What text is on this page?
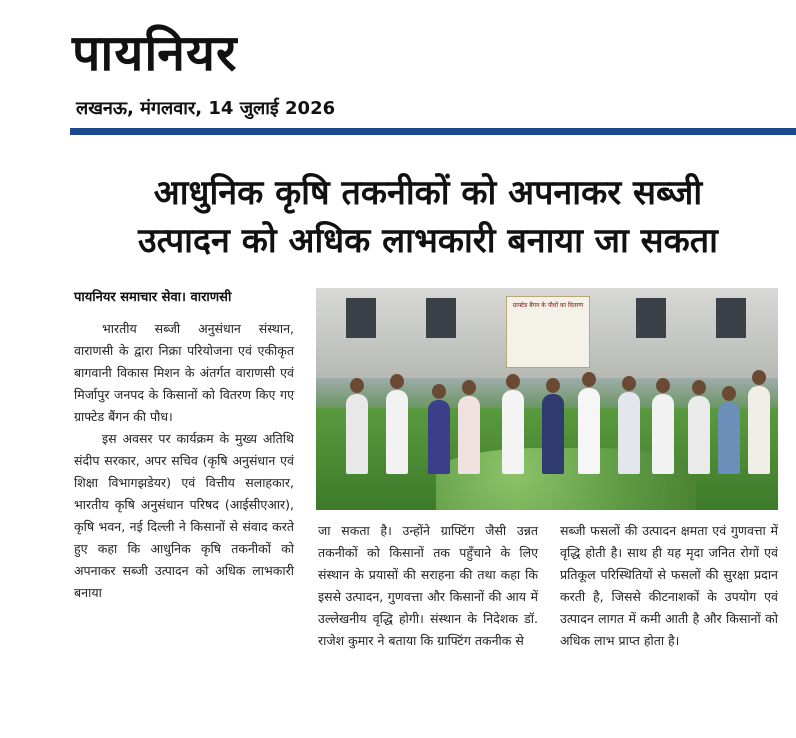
पायनियर
लखनऊ, मंगलवार, 14 जुलाई 2026
आधुनिक कृषि तकनीकों को अपनाकर सब्जी
उत्पादन को अधिक लाभकारी बनाया जा सकता
पायनियर समाचार सेवा। वाराणसी
ग्राफ्टेड बैंगन के पौधों का वितरण

भारतीय सब्जी अनुसंधान संस्थान, वाराणसी के द्वारा निक्रा परियोजना एवं एकीकृत बागवानी विकास मिशन के अंतर्गत वाराणसी एवं मिर्जापुर जनपद के किसानों को वितरण किए गए ग्राफ्टेड बैंगन की पौध।

इस अवसर पर कार्यक्रम के मुख्य अतिथि संदीप सरकार, अपर सचिव (कृषि अनुसंधान एवं शिक्षा विभागझडेयर) एवं वित्तीय सलाहकार, भारतीय कृषि अनुसंधान परिषद (आईसीएआर), कृषि भवन, नई दिल्ली ने किसानों से संवाद करते हुए कहा कि आधुनिक कृषि तकनीकों को अपनाकर सब्जी उत्पादन को अधिक लाभकारी बनाया

जा सकता है। उन्होंने ग्राफ्टिंग जैसी उन्नत तकनीकों को किसानों तक पहुँचाने के लिए संस्थान के प्रयासों की सराहना की तथा कहा कि इससे उत्पादन, गुणवत्ता और किसानों की आय में उल्लेखनीय वृद्धि होगी। संस्थान के निदेशक डॉ. राजेश कुमार ने बताया कि ग्राफ्टिंग तकनीक से

सब्जी फसलों की उत्पादन क्षमता एवं गुणवत्ता में वृद्धि होती है। साथ ही यह मृदा जनित रोगों एवं प्रतिकूल परिस्थितियों से फसलों की सुरक्षा प्रदान करती है, जिससे कीटनाशकों के उपयोग एवं उत्पादन लागत में कमी आती है और किसानों को अधिक लाभ प्राप्त होता है।
